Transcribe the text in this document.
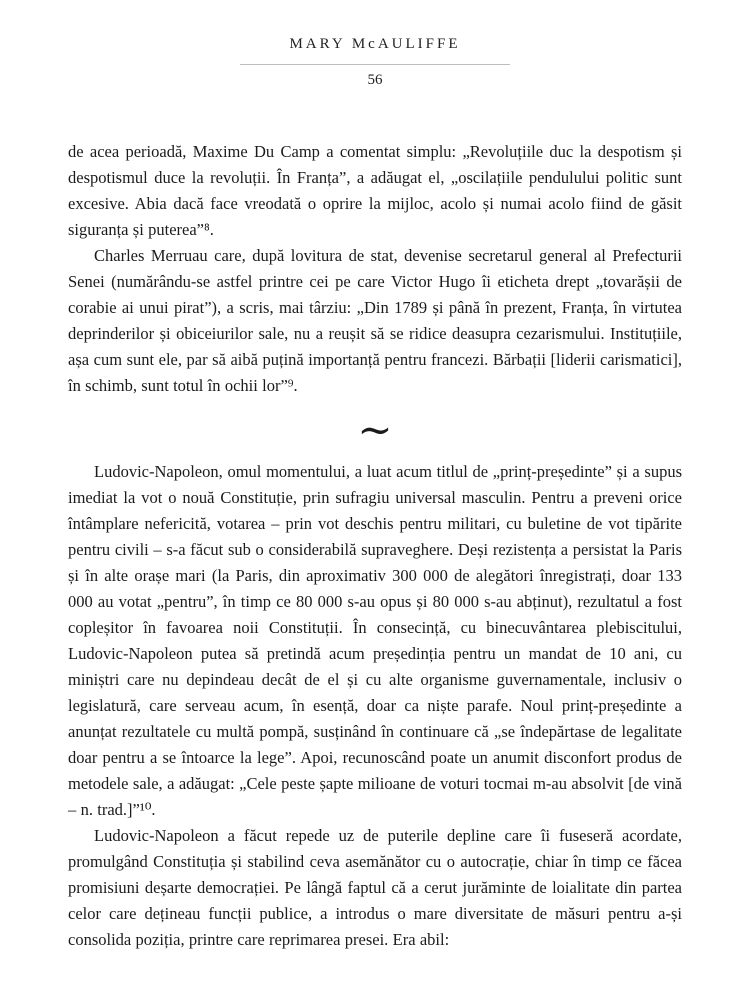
MARY McAULIFFE
56

de acea perioadă, Maxime Du Camp a comentat simplu: „Revoluțiile duc la despotism și despotismul duce la revoluții. În Franța”, a adăugat el, „oscilațiile pendulului politic sunt excesive. Abia dacă face vreodată o oprire la mijloc, acolo și numai acolo fiind de găsit siguranța și puterea”⁸.

Charles Merruau care, după lovitura de stat, devenise secretarul general al Prefecturii Senei (numărându-se astfel printre cei pe care Victor Hugo îi eticheta drept „tovarășii de corabie ai unui pirat”), a scris, mai târziu: „Din 1789 și până în prezent, Franța, în virtutea deprinderilor și obiceiurilor sale, nu a reușit să se ridice deasupra cezarismului. Instituțiile, așa cum sunt ele, par să aibă puțină importanță pentru francezi. Bărbații [liderii carismatici], în schimb, sunt totul în ochii lor”⁹.

∼

Ludovic-Napoleon, omul momentului, a luat acum titlul de „prinț-președinte” și a supus imediat la vot o nouă Constituție, prin sufragiu universal masculin. Pentru a preveni orice întâmplare nefericită, votarea – prin vot deschis pentru militari, cu buletine de vot tipărite pentru civili – s-a făcut sub o considerabilă supraveghere. Deși rezistența a persistat la Paris și în alte orașe mari (la Paris, din aproximativ 300 000 de alegători înregistrați, doar 133 000 au votat „pentru”, în timp ce 80 000 s-au opus și 80 000 s-au abținut), rezultatul a fost copleșitor în favoarea noii Constituții. În consecință, cu binecuvântarea plebiscitului, Ludovic-Napoleon putea să pretindă acum președinția pentru un mandat de 10 ani, cu miniștri care nu depindeau decât de el și cu alte organisme guvernamentale, inclusiv o legislatură, care serveau acum, în esență, doar ca niște parafe. Noul prinț-președinte a anunțat rezultatele cu multă pompă, susținând în continuare că „se îndepărtase de legalitate doar pentru a se întoarce la lege”. Apoi, recunoscând poate un anumit disconfort produs de metodele sale, a adăugat: „Cele peste șapte milioane de voturi tocmai m-au absolvit [de vină – n. trad.]”¹⁰.

Ludovic-Napoleon a făcut repede uz de puterile depline care îi fuseseră acordate, promulgând Constituția și stabilind ceva asemănător cu o autocrație, chiar în timp ce făcea promisiuni deșarte democrației. Pe lângă faptul că a cerut jurăminte de loialitate din partea celor care dețineau funcții publice, a introdus o mare diversitate de măsuri pentru a-și consolida poziția, printre care reprimarea presei. Era abil:
